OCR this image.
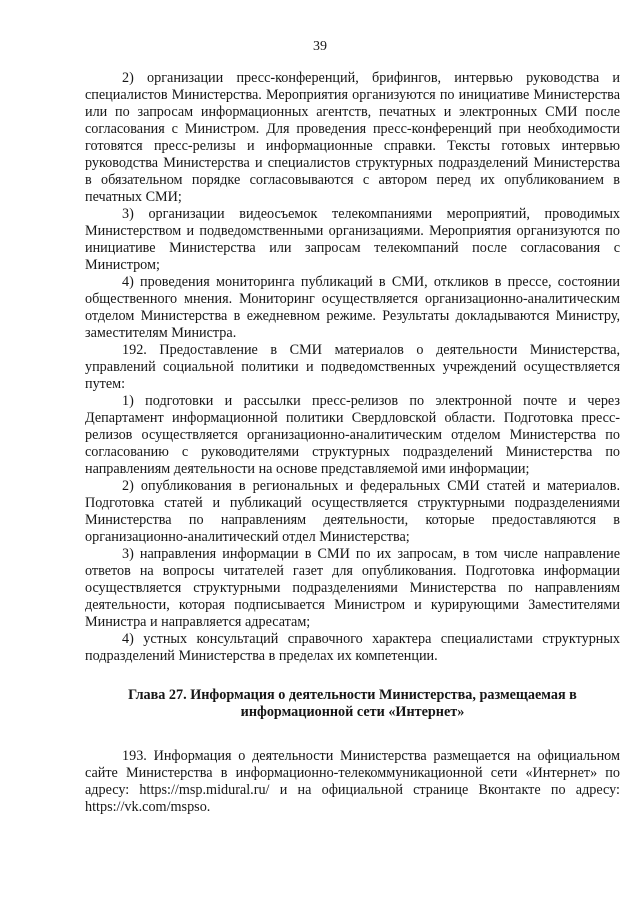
39

2) организации пресс-конференций, брифингов, интервью руководства и специалистов Министерства. Мероприятия организуются по инициативе Министерства или по запросам информационных агентств, печатных и электронных СМИ после согласования с Министром. Для проведения пресс-конференций при необходимости готовятся пресс-релизы и информационные справки. Тексты готовых интервью руководства Министерства и специалистов структурных подразделений Министерства в обязательном порядке согласовываются с автором перед их опубликованием в печатных СМИ;

3) организации видеосъемок телекомпаниями мероприятий, проводимых Министерством и подведомственными организациями. Мероприятия организуются по инициативе Министерства или запросам телекомпаний после согласования с Министром;

4) проведения мониторинга публикаций в СМИ, откликов в прессе, состоянии общественного мнения. Мониторинг осуществляется организационно-аналитическим отделом Министерства в ежедневном режиме. Результаты докладываются Министру, заместителям Министра.

192. Предоставление в СМИ материалов о деятельности Министерства, управлений социальной политики и подведомственных учреждений осуществляется путем:

1) подготовки и рассылки пресс-релизов по электронной почте и через Департамент информационной политики Свердловской области. Подготовка пресс-релизов осуществляется организационно-аналитическим отделом Министерства по согласованию с руководителями структурных подразделений Министерства по направлениям деятельности на основе представляемой ими информации;

2) опубликования в региональных и федеральных СМИ статей и материалов. Подготовка статей и публикаций осуществляется структурными подразделениями Министерства по направлениям деятельности, которые предоставляются в организационно-аналитический отдел Министерства;

3) направления информации в СМИ по их запросам, в том числе направление ответов на вопросы читателей газет для опубликования. Подготовка информации осуществляется структурными подразделениями Министерства по направлениям деятельности, которая подписывается Министром и курирующими Заместителями Министра и направляется адресатам;

4) устных консультаций справочного характера специалистами структурных подразделений Министерства в пределах их компетенции.

Глава 27. Информация о деятельности Министерства, размещаемая в
информационной сети «Интернет»

193. Информация о деятельности Министерства размещается на официальном сайте Министерства в информационно-телекоммуникационной сети «Интернет» по адресу: https://msp.midural.ru/ и на официальной странице Вконтакте по адресу: https://vk.com/mspso.
